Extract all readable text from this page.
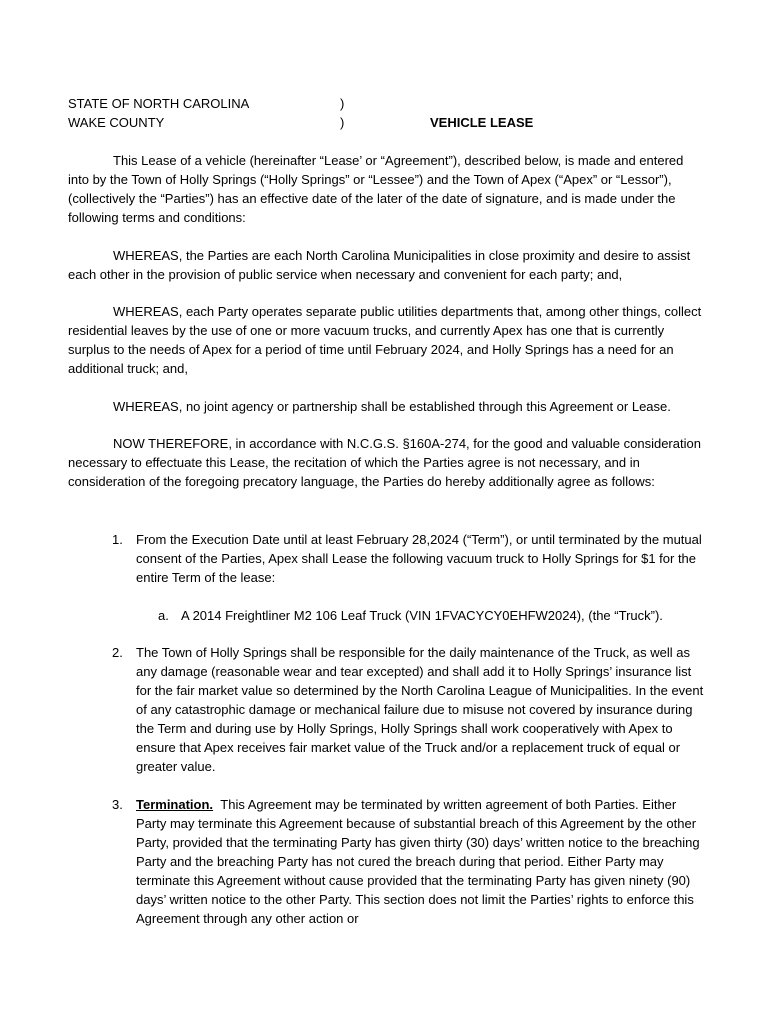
STATE OF NORTH CAROLINA	)
WAKE COUNTY	)	VEHICLE LEASE

This Lease of a vehicle (hereinafter “Lease’ or “Agreement”), described below, is made and entered into by the Town of Holly Springs (“Holly Springs” or “Lessee”) and the Town of Apex (“Apex” or “Lessor”), (collectively the “Parties”) has an effective date of the later of the date of signature, and is made under the following terms and conditions:

WHEREAS, the Parties are each North Carolina Municipalities in close proximity and desire to assist each other in the provision of public service when necessary and convenient for each party; and,

WHEREAS, each Party operates separate public utilities departments that, among other things, collect residential leaves by the use of one or more vacuum trucks, and currently Apex has one that is currently surplus to the needs of Apex for a period of time until February 2024, and Holly Springs has a need for an additional truck; and,

WHEREAS, no joint agency or partnership shall be established through this Agreement or Lease.

NOW THEREFORE, in accordance with N.C.G.S. §160A-274, for the good and valuable consideration necessary to effectuate this Lease, the recitation of which the Parties agree is not necessary, and in consideration of the foregoing precatory language, the Parties do hereby additionally agree as follows:

1.	From the Execution Date until at least February 28,2024 (“Term”), or until terminated by the mutual consent of the Parties, Apex shall Lease the following vacuum truck to Holly Springs for $1 for the entire Term of the lease:

a. A 2014 Freightliner M2 106 Leaf Truck (VIN 1FVACYCY0EHFW2024), (the “Truck”).

2.	The Town of Holly Springs shall be responsible for the daily maintenance of the Truck, as well as any damage (reasonable wear and tear excepted) and shall add it to Holly Springs’ insurance list for the fair market value so determined by the North Carolina League of Municipalities. In the event of any catastrophic damage or mechanical failure due to misuse not covered by insurance during the Term and during use by Holly Springs, Holly Springs shall work cooperatively with Apex to ensure that Apex receives fair market value of the Truck and/or a replacement truck of equal or greater value.

3.	Termination. This Agreement may be terminated by written agreement of both Parties. Either Party may terminate this Agreement because of substantial breach of this Agreement by the other Party, provided that the terminating Party has given thirty (30) days’ written notice to the breaching Party and the breaching Party has not cured the breach during that period. Either Party may terminate this Agreement without cause provided that the terminating Party has given ninety (90) days’ written notice to the other Party. This section does not limit the Parties’ rights to enforce this Agreement through any other action or
